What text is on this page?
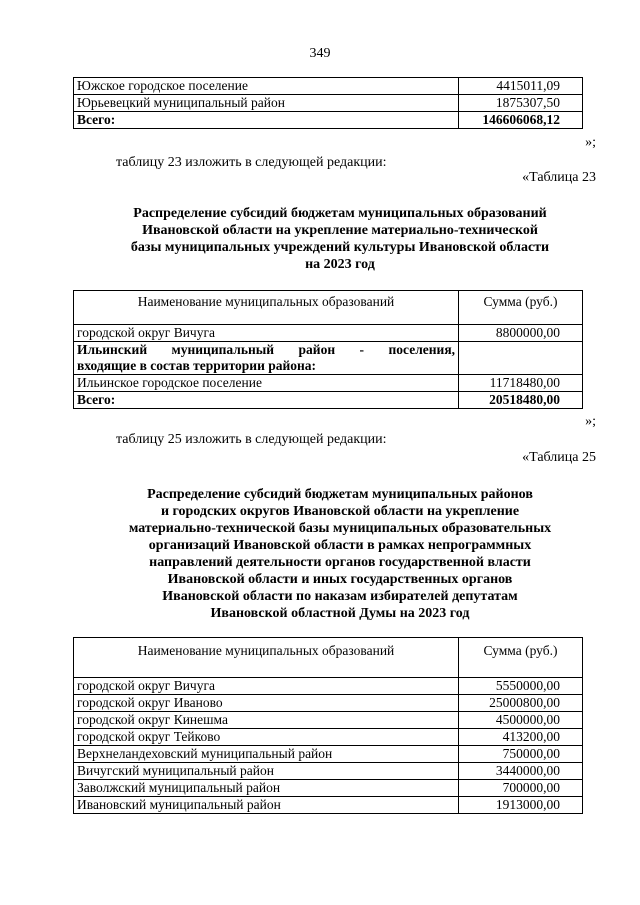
349
Южское городское поселение	4415011,09
Юрьевецкий муниципальный район	1875307,50
Всего:	146606068,12
»;
таблицу 23 изложить в следующей редакции:
«Таблица 23
Распределение субсидий бюджетам муниципальных образований
Ивановской области на укрепление материально-технической
базы муниципальных учреждений культуры Ивановской области
на 2023 год
Наименование муниципальных образований	Сумма (руб.)
городской округ Вичуга	8800000,00

Ильинский муниципальный район - поселения,
входящие в состав территории района:	

Ильинское городское поселение	11718480,00
Всего:	20518480,00
»;
таблицу 25 изложить в следующей редакции:
«Таблица 25
Распределение субсидий бюджетам муниципальных районов
и городских округов Ивановской области на укрепление
материально-технической базы муниципальных образовательных
организаций Ивановской области в рамках непрограммных
направлений деятельности органов государственной власти
Ивановской области и иных государственных органов
Ивановской области по наказам избирателей депутатам
Ивановской областной Думы на 2023 год
Наименование муниципальных образований	Сумма (руб.)
городской округ Вичуга	5550000,00
городской округ Иваново	25000800,00
городской округ Кинешма	4500000,00
городской округ Тейково	413200,00
Верхнеландеховский муниципальный район	750000,00
Вичугский муниципальный район	3440000,00
Заволжский муниципальный район	700000,00
Ивановский муниципальный район	1913000,00
